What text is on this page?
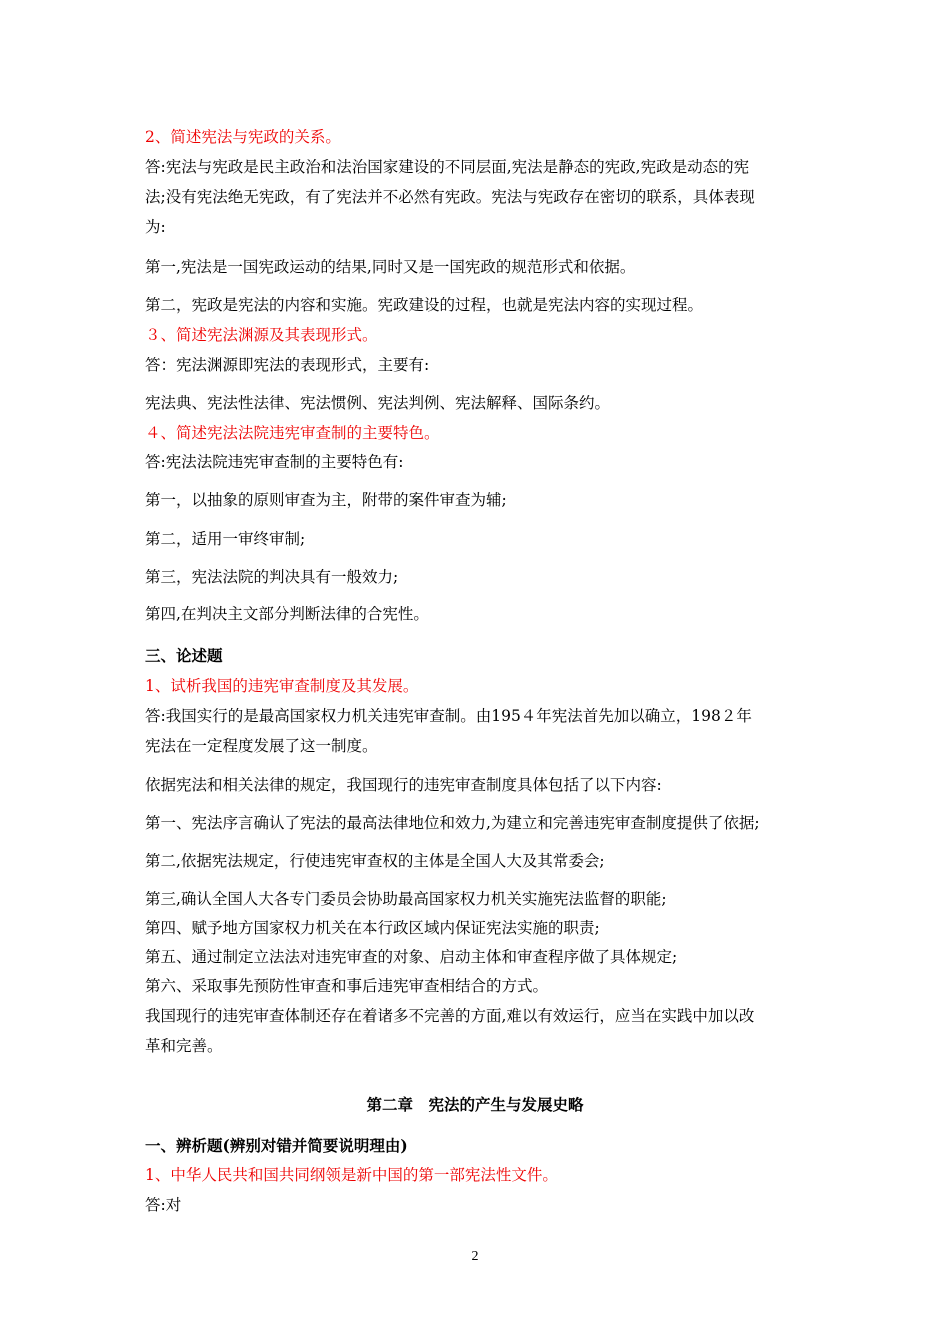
2、简述宪法与宪政的关系。

答:宪法与宪政是民主政治和法治国家建设的不同层面,宪法是静态的宪政,宪政是动态的宪

法;没有宪法绝无宪政，有了宪法并不必然有宪政。宪法与宪政存在密切的联系，具体表现

为:

第一,宪法是一国宪政运动的结果,同时又是一国宪政的规范形式和依据。

第二，宪政是宪法的内容和实施。宪政建设的过程，也就是宪法内容的实现过程。

３、简述宪法渊源及其表现形式。

答：宪法渊源即宪法的表现形式，主要有:

宪法典、宪法性法律、宪法惯例、宪法判例、宪法解释、国际条约。

４、简述宪法法院违宪审查制的主要特色。

答:宪法法院违宪审查制的主要特色有:

第一，以抽象的原则审查为主，附带的案件审查为辅;

第二，适用一审终审制;

第三，宪法法院的判决具有一般效力;

第四,在判决主文部分判断法律的合宪性。

三、论述题

1、试析我国的违宪审查制度及其发展。

答:我国实行的是最高国家权力机关违宪审查制。由195４年宪法首先加以确立，198２年

宪法在一定程度发展了这一制度。

依据宪法和相关法律的规定，我国现行的违宪审查制度具体包括了以下内容:

第一、宪法序言确认了宪法的最高法律地位和效力,为建立和完善违宪审查制度提供了依据;

第二,依据宪法规定，行使违宪审查权的主体是全国人大及其常委会;

第三,确认全国人大各专门委员会协助最高国家权力机关实施宪法监督的职能;

第四、赋予地方国家权力机关在本行政区域内保证宪法实施的职责;

第五、通过制定立法法对违宪审查的对象、启动主体和审查程序做了具体规定;

第六、采取事先预防性审查和事后违宪审查相结合的方式。

我国现行的违宪审查体制还存在着诸多不完善的方面,难以有效运行，应当在实践中加以改

革和完善。

第二章　宪法的产生与发展史略

一、辨析题(辨别对错并简要说明理由)

1、中华人民共和国共同纲领是新中国的第一部宪法性文件。

答:对

2
